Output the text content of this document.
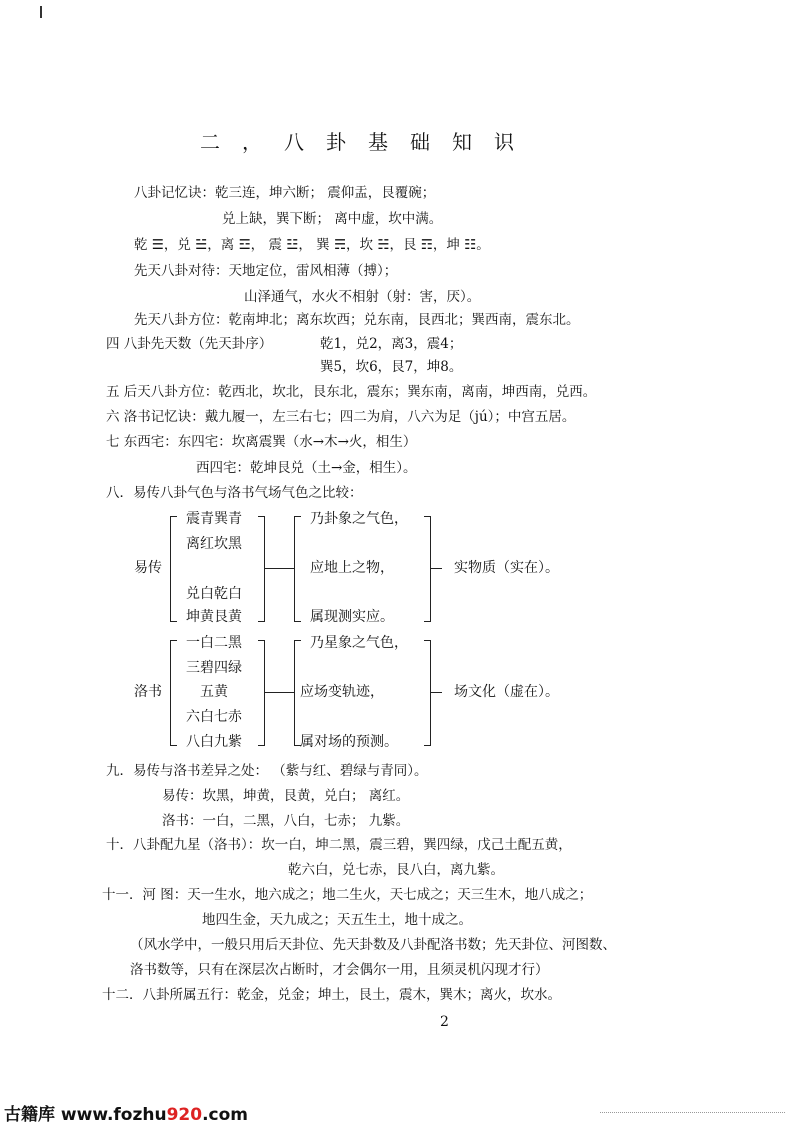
二，八卦基础知识
八卦记忆诀：乾三连，坤六断； 震仰盂，艮覆碗；
兑上缺，巽下断； 离中虚，坎中满。
乾 ☰，兑 ☱，离 ☲， 震 ☳， 巽 ☴，坎 ☵，艮 ☶，坤 ☷。
先天八卦对待：天地定位，雷风相薄（搏）；
山泽通气，水火不相射（射：害，厌）。
先天八卦方位：乾南坤北；离东坎西；兑东南，艮西北；巽西南，震东北。
四 八卦先天数（先天卦序）	乾1，兑2，离3，震4；
巽5，坎6，艮7，坤8。
五 后天八卦方位：乾西北，坎北，艮东北，震东；巽东南，离南，坤西南，兑西。
六 洛书记忆诀：戴九履一，左三右七；四二为肩，八六为足（jú）；中宫五居。
七 东西宅：东四宅：坎离震巽（水→木→火，相生）
西四宅：乾坤艮兑（土→金，相生）。
八．易传八卦气色与洛书气场气色之比较：
易传
震青巽青
离红坎黑
兑白乾白
坤黄艮黄
乃卦象之气色，
应地上之物，
属现测实应。
实物质（实在）。
洛书
一白二黑
三碧四绿
五黄
六白七赤
八白九紫
乃星象之气色，
应场变轨迹，
属对场的预测。
场文化（虚在）。
九．易传与洛书差异之处： （紫与红、碧绿与青同）。
易传：坎黑，坤黄，艮黄，兑白； 离红。
洛书：一白，二黑，八白，七赤； 九紫。
十．八卦配九星（洛书）：坎一白，坤二黑，震三碧，巽四绿，戊己土配五黄，
乾六白，兑七赤，艮八白，离九紫。
十一．河 图：天一生水，地六成之；地二生火，天七成之；天三生木，地八成之；
地四生金，天九成之；天五生土，地十成之。
（风水学中，一般只用后天卦位、先天卦数及八卦配洛书数；先天卦位、河图数、
洛书数等，只有在深层次占断时，才会偶尔一用，且须灵机闪现才行）
十二．八卦所属五行：乾金，兑金；坤土，艮土，震木，巽木；离火，坎水。
2
古籍库 www.fozhu920.com
